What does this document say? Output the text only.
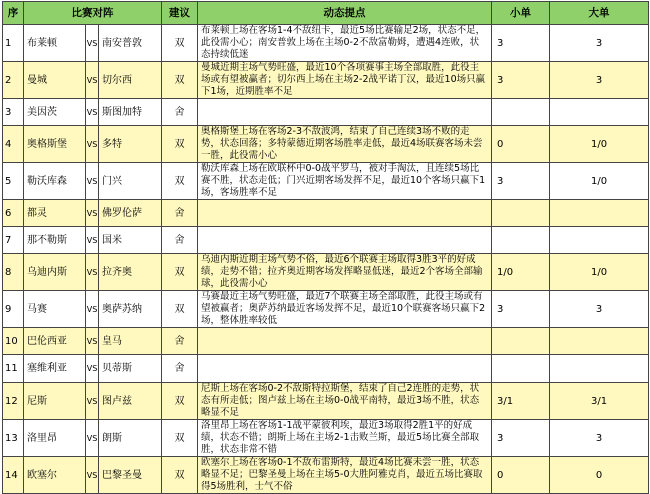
序	比赛对阵			建议	动态提点	小单	大单
1	布莱顿	VS	南安普敦	双	布莱顿上场在客场1-4不敌纽卡，最近5场比赛输足2场，状态不足，此役需小心；南安普敦上场在主场0-2不敌富勒姆，遭遇4连败，状态持续低迷	3	3
2	曼城	VS	切尔西	双	曼城近期主场气势旺盛，最近10个各项赛事主场全部取胜，此役主场或有望被赢者；切尔西上场在主场2-2战平诺丁汉，最近10场只赢下1场，近期胜率不足	3	3
3	美因茨	VS	斯图加特	舍			
4	奥格斯堡	VS	多特	双	奥格斯堡上场在客场2-3不敌波鸿，结束了自己连续3场不败的走势，状态回落；多特蒙德近期客场胜率走低，最近4场联赛客场未尝一胜，此役需小心	0	1/0
5	勒沃库森	VS	门兴	双	勒沃库森上场在欧联杯中0-0战平罗马，被对手淘汰，且连续5场比赛不胜，状态走低；门兴近期客场发挥不足，最近10个客场只赢下1场，客场胜率不足	3	1/0
6	都灵	VS	佛罗伦萨	舍			
7	那不勒斯	VS	国米	舍			
8	乌迪内斯	VS	拉齐奥	双	乌迪内斯近期主场气势不俗，最近6个联赛主场取得3胜3平的好成绩，走势不错；拉齐奥近期客场发挥略显低迷，最近2个客场全部输球，此役需小心	1/0	1/0
9	马赛	VS	奥萨苏纳	双	马赛最近主场气势旺盛，最近7个联赛主场全部取胜，此役主场或有望被赢者；奥萨苏纳最近客场发挥不足，最近10个联赛客场只赢下2场，整体胜率较低	3	3
10	巴伦西亚	VS	皇马	舍			
11	塞维利亚	VS	贝蒂斯	舍			
12	尼斯	VS	图卢兹	双	尼斯上场在客场0-2不敌斯特拉斯堡，结束了自己2连胜的走势，状态有所走低；图卢兹上场在主场0-0战平南特，最近3场不胜，状态略显不足	3/1	3/1
13	洛里昂	VS	朗斯	双	洛里昂上场在客场1-1战平蒙彼利埃，最近3场取得2胜1平的好成绩，状态不错；朗斯上场在主场2-1击败兰斯，最近5场比赛全部取胜，状态非常不错	3	3
14	欧塞尔	VS	巴黎圣曼	双	欧塞尔上场在客场0-1不敌布雷斯特，最近4场比赛未尝一胜，状态略显不足；巴黎圣曼上场在主场5-0大胜阿雅克肖，最近五场比赛取得5场胜利，士气不俗	0	0
